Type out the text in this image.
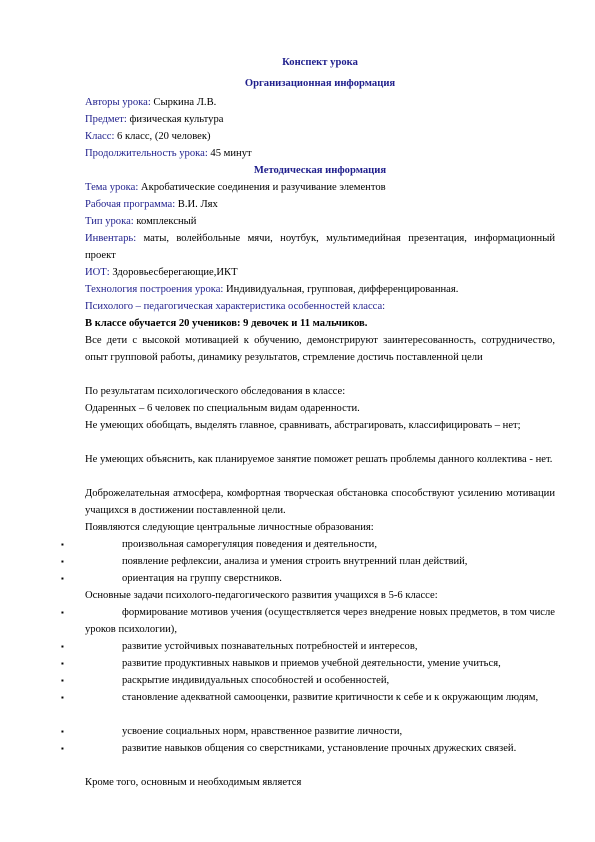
Конспект урока
Организационная информация
Авторы урока: Сыркина Л.В.
Предмет: физическая культура
Класс: 6 класс, (20 человек)
Продолжительность урока: 45 минут
Методическая информация
Тема урока: Акробатические соединения и разучивание элементов
Рабочая программа: В.И. Лях
Тип урока: комплексный
Инвентарь: маты, волейбольные мячи, ноутбук, мультимедийная презентация, информационный проект
ИОТ: Здоровьесберегающие,ИКТ
Технология построения урока: Индивидуальная, групповая, дифференцированная.
Психолого – педагогическая характеристика особенностей класса:
В классе обучается 20 учеников: 9 девочек и 11 мальчиков.
Все дети с высокой мотивацией к обучению, демонстрируют заинтересованность, сотрудничество, опыт групповой работы, динамику результатов, стремление достичь поставленной цели
По результатам психологического обследования в классе:
Одаренных – 6 человек по специальным видам одаренности.
Не умеющих обобщать, выделять главное, сравнивать, абстрагировать, классифицировать – нет;
Не умеющих объяснить, как планируемое занятие поможет решать проблемы данного коллектива - нет.
Доброжелательная атмосфера, комфортная творческая обстановка способствуют усилению мотивации учащихся в достижении поставленной цели.
Появляются следующие центральные личностные образования:
▪	произвольная саморегуляция поведения и деятельности,
▪	появление рефлексии, анализа и умения строить внутренний план действий,
▪	ориентация на группу сверстников.
Основные задачи психолого-педагогического развития учащихся в 5-6 классе:
▪	формирование мотивов учения (осуществляется через внедрение новых предметов, в том числе уроков психологии),
▪	развитие устойчивых познавательных потребностей и интересов,
▪	развитие продуктивных навыков и приемов учебной деятельности, умение учиться,
▪	раскрытие индивидуальных способностей и особенностей,
▪	становление адекватной самооценки, развитие критичности к себе и к окружающим людям,
▪	усвоение социальных норм, нравственное развитие личности,
▪	развитие навыков общения со сверстниками, установление прочных дружеских связей.
Кроме того, основным и необходимым является
